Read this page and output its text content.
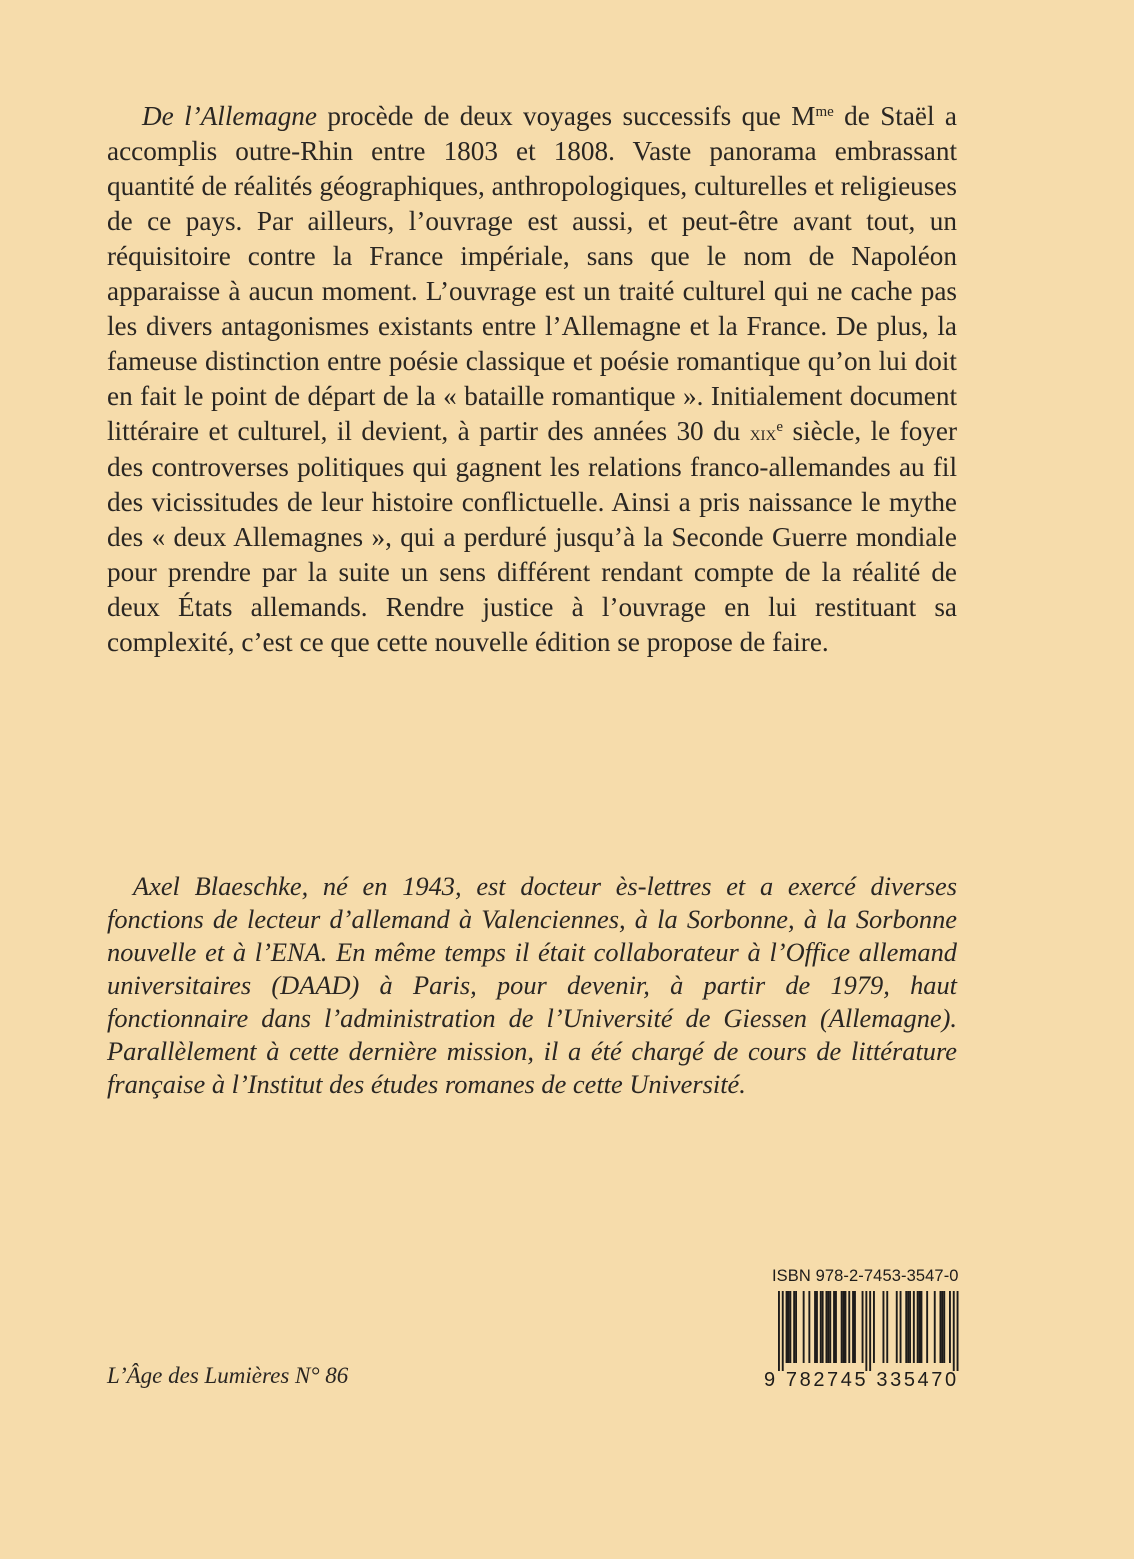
De l’Allemagne procède de deux voyages successifs que $M^{me}$ de Staël a accomplis outre-Rhin entre 1803 et 1808. Vaste panorama embrassant quantité de réalités géographiques, anthropologiques, culturelles et religieuses de ce pays. Par ailleurs, l’ouvrage est aussi, et peut-être avant tout, un réquisitoire contre la France impériale, sans que le nom de Napoléon apparaisse à aucun moment. L’ouvrage est un traité culturel qui ne cache pas les divers antagonismes existants entre l’Allemagne et la France. De plus, la fameuse distinction entre poésie classique et poésie romantique qu’on lui doit en fait le point de départ de la « bataille romantique ». Initialement document littéraire et culturel, il devient, à partir des années 30 du xix$^e$ siècle, le foyer des controverses politiques qui gagnent les relations franco-allemandes au fil des vicissitudes de leur histoire conflictuelle. Ainsi a pris naissance le mythe des « deux Allemagnes », qui a perduré jusqu’à la Seconde Guerre mondiale pour prendre par la suite un sens différent rendant compte de la réalité de deux États allemands. Rendre justice à l’ouvrage en lui restituant sa complexité, c’est ce que cette nouvelle édition se propose de faire.

Axel Blaeschke, né en 1943, est docteur ès-lettres et a exercé diverses fonctions de lecteur d’allemand à Valenciennes, à la Sorbonne, à la Sorbonne nouvelle et à l’ENA. En même temps il était collaborateur à l’Office allemand universitaires (DAAD) à Paris, pour devenir, à partir de 1979, haut fonctionnaire dans l’administration de l’Université de Giessen (Allemagne). Parallèlement à cette dernière mission, il a été chargé de cours de littérature française à l’Institut des études romanes de cette Université.

L’Âge des Lumières N° 86

ISBN 978-2-7453-3547-0
9 782745 335470
